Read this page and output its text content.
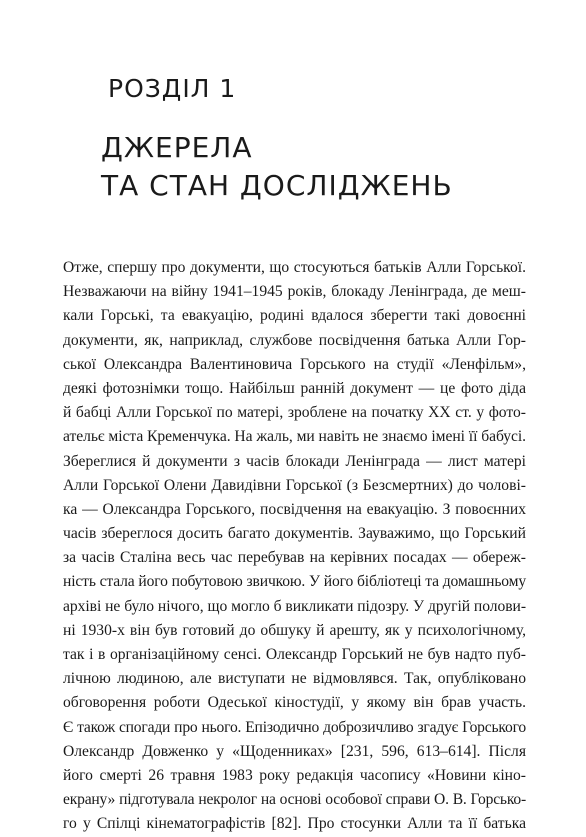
РОЗДІЛ 1
ДЖЕРЕЛА
ТА СТАН ДОСЛІДЖЕНЬ
Отже, спершу про документи, що стосуються батьків Алли Горської.
Незважаючи на війну 1941–1945 років, блокаду Ленінграда, де меш-
кали Горські, та евакуацію, родині вдалося зберегти такі довоєнні
документи, як, наприклад, службове посвідчення батька Алли Гор-
ської Олександра Валентиновича Горського на студії «Ленфільм»,
деякі фотознімки тощо. Найбільш ранній документ — це фото діда
й бабці Алли Горської по матері, зроблене на початку ХХ ст. у фото-
ательє міста Кременчука. На жаль, ми навіть не знаємо імені її бабусі.
Збереглися й документи з часів блокади Ленінграда — лист матері
Алли Горської Олени Давидівни Горської (з Безсмертних) до чолові-
ка — Олександра Горського, посвідчення на евакуацію. З повоєнних
часів збереглося досить багато документів. Зауважимо, що Горський
за часів Сталіна весь час перебував на керівних посадах — обереж-
ність стала його побутовою звичкою. У його бібліотеці та домашньому
архіві не було нічого, що могло б викликати підозру. У другій полови-
ні 1930-х він був готовий до обшуку й арешту, як у психологічному,
так і в організаційному сенсі. Олександр Горський не був надто пуб-
лічною людиною, але виступати не відмовлявся. Так, опубліковано
обговорення роботи Одеської кіностудії, у якому він брав участь.
Є також спогади про нього. Епізодично доброзичливо згадує Горського
Олександр Довженко у «Щоденниках» [231, 596, 613–614]. Після
його смерті 26 травня 1983 року редакція часопису «Новини кіно-
екрану» підготувала некролог на основі особової справи О. В. Горсько-
го у Спілці кінематографістів [82]. Про стосунки Алли та її батька
